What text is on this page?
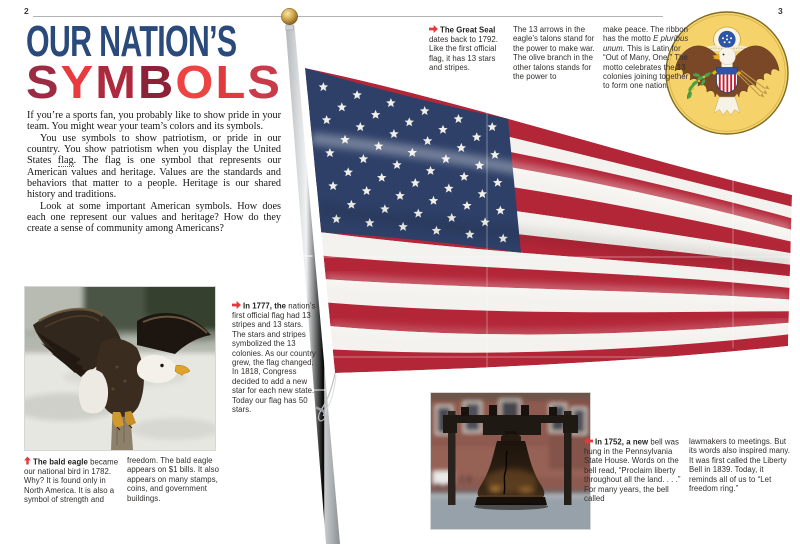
2	3
OUR NATION’S
SYMBOLS

If you’re a sports fan, you probably like to show pride in your team. You might wear your team’s colors and its symbols.

You use symbols to show patriotism, or pride in our country. You show patriotism when you display the United States flag. The flag is one symbol that represents our American values and heritage. Values are the standards and behaviors that matter to a people. Heritage is our shared history and traditions.

Look at some important American symbols. How does each one represent our values and heritage? How do they create a sense of community among Americans?

The Great Seal dates back to 1792. Like the first official flag, it has 13 stars and stripes.
The 13 arrows in the eagle’s talons stand for the power to make war. The olive branch in the other talons stands for the power to
make peace. The ribbon has the motto E pluribus unum. This is Latin for “Out of Many, One.” The motto celebrates the 13 colonies joining together to form one nation.
In 1777, the nation’s first official flag had 13 stripes and 13 stars. The stars and stripes symbolized the 13 colonies. As our country grew, the flag changed. In 1818, Congress decided to add a new star for each new state. Today our flag has 50 stars.
The bald eagle became our national bird in 1782. Why? It is found only in North America. It is also a symbol of strength and
freedom. The bald eagle appears on $1 bills. It also appears on many stamps, coins, and government buildings.
In 1752, a new bell was hung in the Pennsylvania State House. Words on the bell read, “Proclaim liberty throughout all the land. . . .” For many years, the bell called
lawmakers to meetings. But its words also inspired many. It was first called the Liberty Bell in 1839. Today, it reminds all of us to “Let freedom ring.”
